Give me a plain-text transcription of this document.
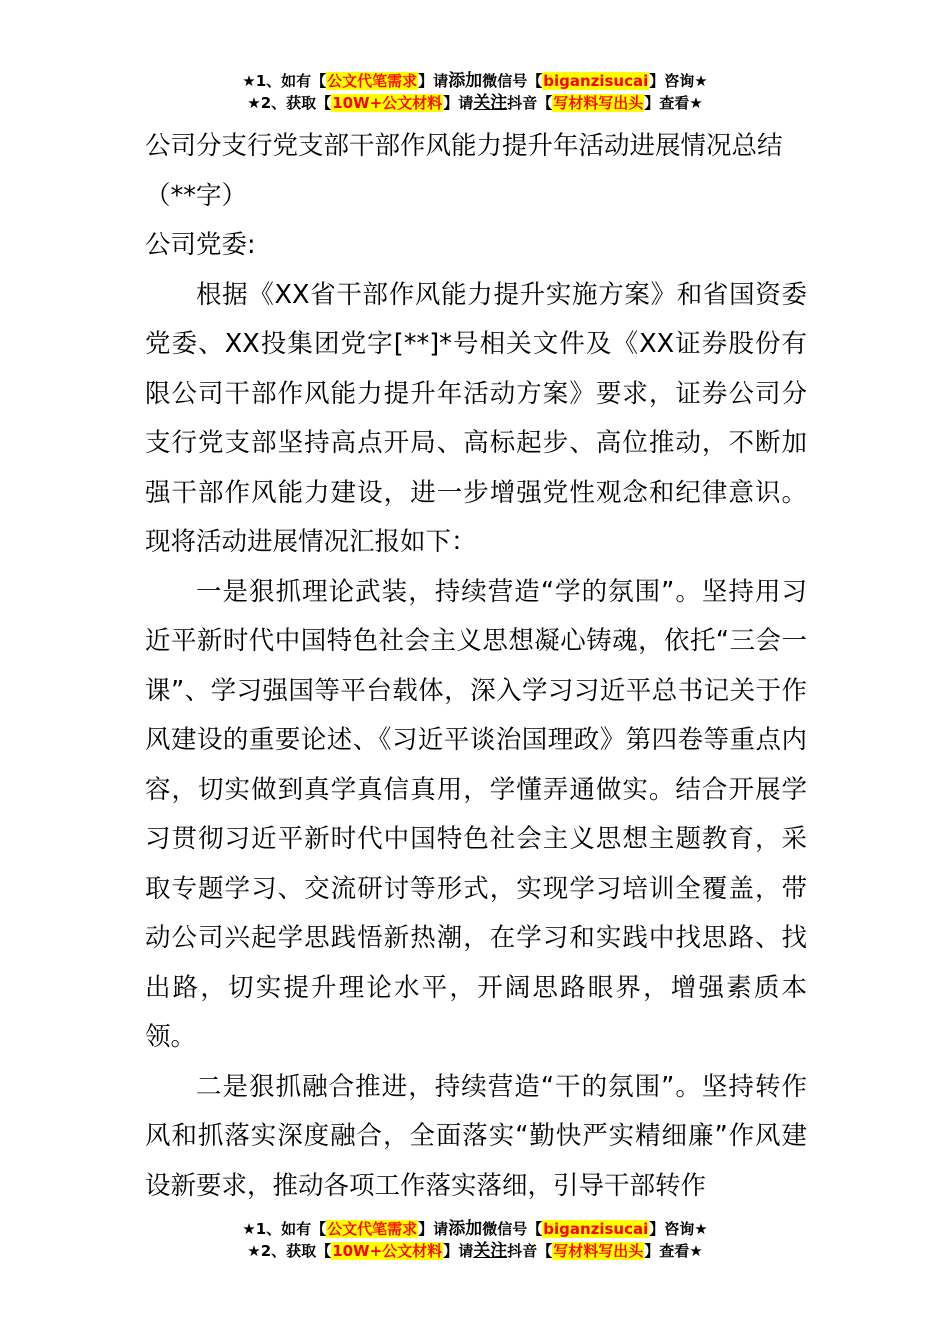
★1、如有【公文代笔需求】请添加微信号【biganzisucai】咨询★
★2、获取【10W+公文材料】请关注抖音【写材料写出头】查看★

公司分支行党支部干部作风能力提升年活动进展情况总结（**字）

公司党委:

根据《XX省干部作风能力提升实施方案》和省国资委党委、XX投集团党字[**]*号相关文件及《XX证券股份有限公司干部作风能力提升年活动方案》要求，证券公司分支行党支部坚持高点开局、高标起步、高位推动，不断加强干部作风能力建设，进一步增强党性观念和纪律意识。现将活动进展情况汇报如下：

一是狠抓理论武装，持续营造“学的氛围”。坚持用习近平新时代中国特色社会主义思想凝心铸魂，依托“三会一课”、学习强国等平台载体，深入学习习近平总书记关于作风建设的重要论述、《习近平谈治国理政》第四卷等重点内容，切实做到真学真信真用，学懂弄通做实。结合开展学习贯彻习近平新时代中国特色社会主义思想主题教育，采取专题学习、交流研讨等形式，实现学习培训全覆盖，带动公司兴起学思践悟新热潮，在学习和实践中找思路、找出路，切实提升理论水平，开阔思路眼界，增强素质本领。

二是狠抓融合推进，持续营造“干的氛围”。坚持转作风和抓落实深度融合，全面落实“勤快严实精细廉”作风建设新要求，推动各项工作落实落细，引导干部转作

★1、如有【公文代笔需求】请添加微信号【biganzisucai】咨询★
★2、获取【10W+公文材料】请关注抖音【写材料写出头】查看★
